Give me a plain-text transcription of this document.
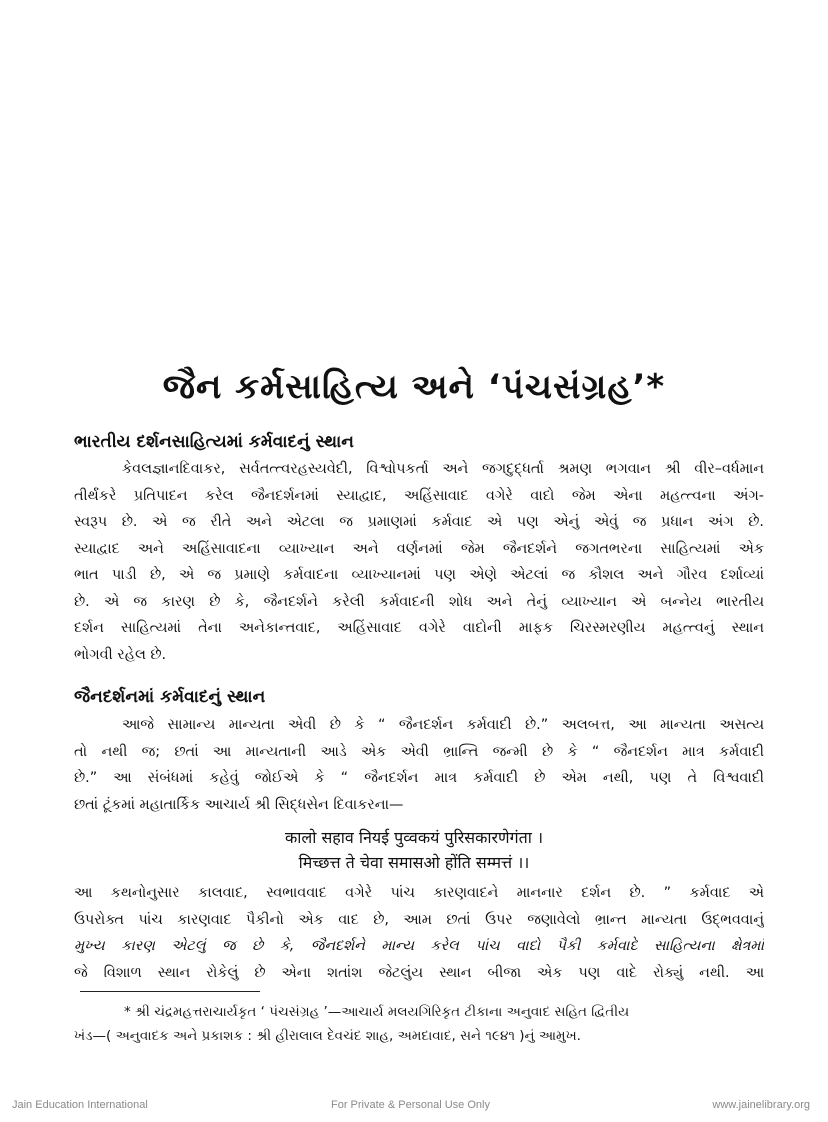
જૈન કર્મસાહિત્ય અને ‘પંચસંગ્રહ’*
ભારતીય દર્શનસાહિત્યમાં કર્મવાદનું સ્થાન
કેવલજ્ઞાનદિવાકર, સર્વતત્ત્વરહસ્યવેદી, વિશ્વોપકર્તા અને જગદુદ્ધર્તા શ્રમણ ભગવાન શ્રી વીર–વર્ધમાન
તીર્થંકરે પ્રતિપાદન કરેલ જૈનદર્શનમાં સ્યાદ્વાદ, અહિંસાવાદ વગેરે વાદો જેમ એના મહત્ત્વના અંગ-
સ્વરૂપ છે. એ જ રીતે અને એટલા જ પ્રમાણમાં કર્મવાદ એ પણ એનું એવું જ પ્રધાન અંગ છે.
સ્યાદ્વાદ અને અહિંસાવાદના વ્યાખ્યાન અને વર્ણનમાં જેમ જૈનદર્શને જગતભરના સાહિત્યમાં એક
ભાત પાડી છે, એ જ પ્રમાણે કર્મવાદના વ્યાખ્યાનમાં પણ એણે એટલાં જ કૌશલ અને ગૌરવ દર્શાવ્યાં
છે. એ જ કારણ છે કે, જૈનદર્શને કરેલી કર્મવાદની શોધ અને તેનું વ્યાખ્યાન એ બન્નેય ભારતીય
દર્શન સાહિત્યમાં તેના અનેકાન્તવાદ, અહિંસાવાદ વગેરે વાદોની માફક ચિરસ્મરણીય મહત્ત્વનું સ્થાન
ભોગવી રહેલ છે.
જૈનદર્શનમાં કર્મવાદનું સ્થાન
આજે સામાન્ય માન્યતા એવી છે કે “ જૈનદર્શન કર્મવાદી છે.” અલબત્ત, આ માન્યતા અસત્ય
તો નથી જ; છતાં આ માન્યતાની આડે એક એવી ભ્રાન્તિ જન્મી છે કે “ જૈનદર્શન માત્ર કર્મવાદી
છે.” આ સંબંધમાં કહેવું જોઈએ કે “ જૈનદર્શન માત્ર કર્મવાદી છે એમ નથી, પણ તે વિશ્વવાદી
છતાં ટૂંકમાં મહાતાર્કિક આચાર્ય શ્રી સિદ્ધસેન દિવાકરના—
कालो सहाव नियई पुव्वकयं पुरिसकारणेगंता ।
मिच्छत्त ते चेवा समासओ होंति सम्मत्तं ।।
આ કથનોનુસાર કાલવાદ, સ્વભાવવાદ વગેરે પાંચ કારણવાદને માનનાર દર્શન છે. ” કર્મવાદ એ
ઉપરોક્ત પાંચ કારણવાદ પૈકીનો એક વાદ છે, આમ છતાં ઉપર જણાવેલો ભ્રાન્ત માન્યતા ઉદ્‌ભવવાનું
મુખ્ય કારણ એટલું જ છે કે, જૈનદર્શને માન્ય કરેલ પાંચ વાદો પૈકી કર્મવાદે સાહિત્યના ક્ષેત્રમાં
જે વિશાળ સ્થાન રોકેલું છે એના શતાંશ જેટલુંય સ્થાન બીજા એક પણ વાદે રોક્યું નથી. આ
* શ્રી ચંદ્રમહત્તરાચાર્યકૃત ‘ પંચસંગ્રહ ’—આચાર્ય મલયગિરિકૃત ટીકાના અનુવાદ સહિત દ્વિતીય
ખંડ—( અનુવાદક અને પ્રકાશક : શ્રી હીરાલાલ દેવચંદ શાહ, અમદાવાદ, સને ૧૯૪૧ )નું આમુખ.
Jain Education International	For Private & Personal Use Only	www.jainelibrary.org
